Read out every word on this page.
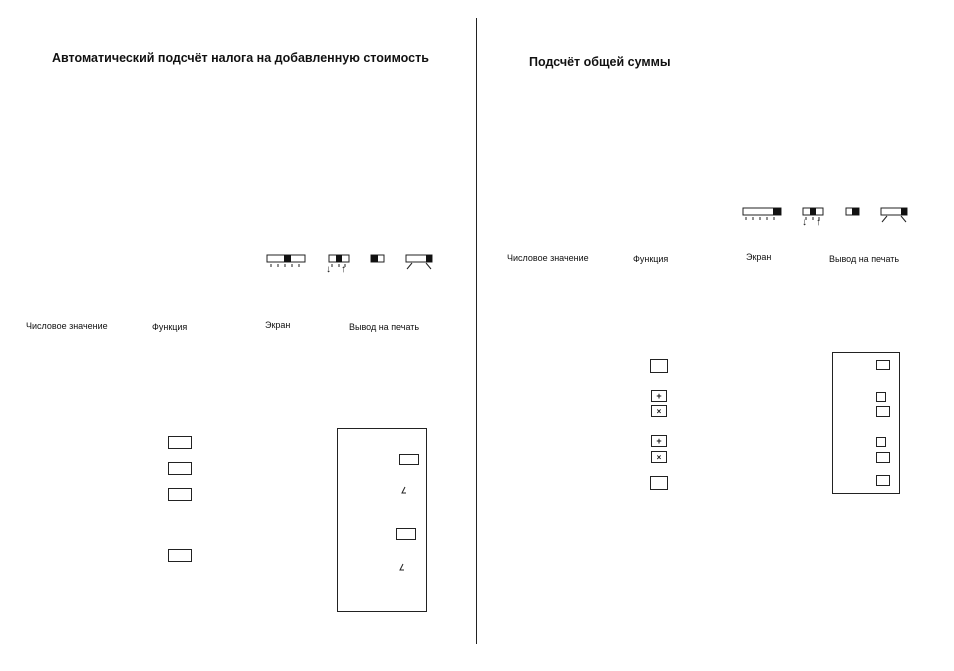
Автоматический подсчёт налога на добавленную стоимость
↓ ↑
Числовое значение	Функция	Экран	Вывод на печать
Подсчёт общей суммы
↓ ↑
Числовое значение	Функция	Экран	Вывод на печать
+
×
+
×
